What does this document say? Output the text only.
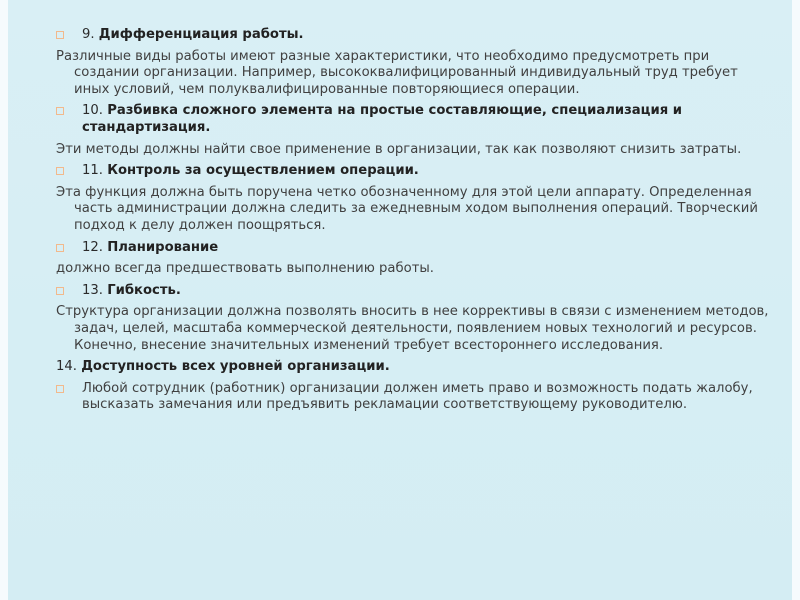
9. Дифференциация работы.
Различные виды работы имеют разные характеристики, что необходимо предусмотреть при создании организации. Например, высококвалифицированный индивидуальный труд требует иных условий, чем полуквалифицированные повторяющиеся операции.
10. Разбивка сложного элемента на простые составляющие, специализация и стандартизация.
Эти методы должны найти свое применение в организации, так как позволяют снизить затраты.
11. Контроль за осуществлением операции.
Эта функция должна быть поручена четко обозначенному для этой цели аппарату. Определенная часть администрации должна следить за ежедневным ходом выполнения операций. Творческий подход к делу должен поощряться.
12. Планирование
должно всегда предшествовать выполнению работы.
13. Гибкость.
Структура организации должна позволять вносить в нее коррективы в связи с изменением методов, задач, целей, масштаба коммерческой деятельности, появлением новых технологий и ресурсов. Конечно, внесение значительных изменений требует всестороннего исследования.
14. Доступность всех уровней организации.
Любой сотрудник (работник) организации должен иметь право и возможность подать жалобу, высказать замечания или предъявить рекламации соответствующему руководителю.
